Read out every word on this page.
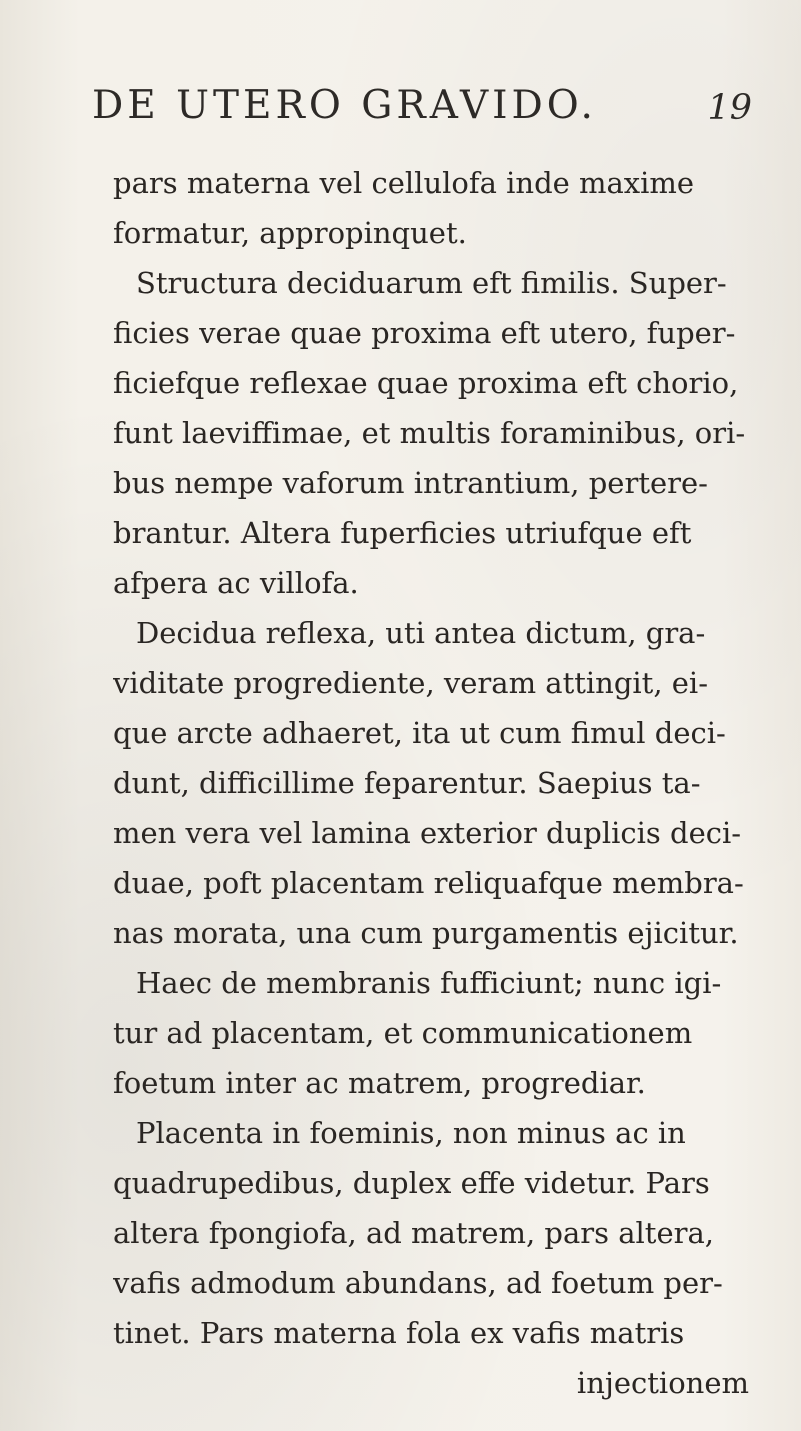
DE UTERO GRAVIDO.	19
pars materna vel cellulofa inde maxime
formatur, appropinquet.
Structura deciduarum eft fimilis. Super-
ficies verae quae proxima eft utero, fuper-
ficiefque reflexae quae proxima eft chorio,
funt laeviffimae, et multis foraminibus, ori-
bus nempe vaforum intrantium, pertere-
brantur. Altera fuperficies utriufque eft
afpera ac villofa.
Decidua reflexa, uti antea dictum, gra-
viditate progrediente, veram attingit, ei-
que arcte adhaeret, ita ut cum fimul deci-
dunt, difficillime feparentur. Saepius ta-
men vera vel lamina exterior duplicis deci-
duae, poft placentam reliquafque membra-
nas morata, una cum purgamentis ejicitur.
Haec de membranis fufficiunt; nunc igi-
tur ad placentam, et communicationem
foetum inter ac matrem, progrediar.
Placenta in foeminis, non minus ac in
quadrupedibus, duplex effe videtur. Pars
altera fpongiofa, ad matrem, pars altera,
vafis admodum abundans, ad foetum per-
tinet. Pars materna fola ex vafis matris
injectionem
